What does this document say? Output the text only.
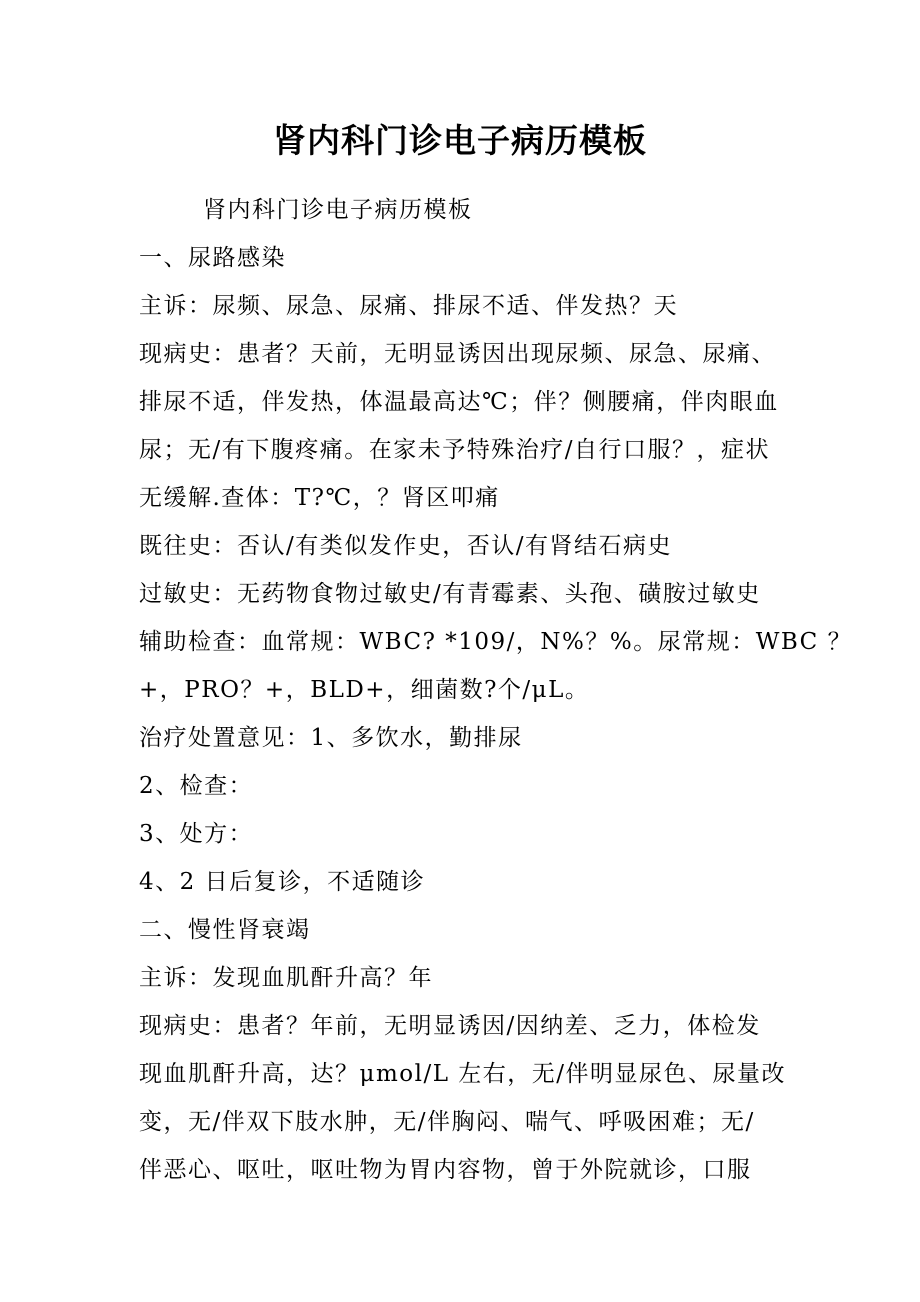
肾内科门诊电子病历模板
肾内科门诊电子病历模板
一、尿路感染
主诉：尿频、尿急、尿痛、排尿不适、伴发热？天
现病史：患者？天前，无明显诱因出现尿频、尿急、尿痛、
排尿不适，伴发热，体温最高达℃；伴？侧腰痛，伴肉眼血
尿；无/有下腹疼痛。在家未予特殊治疗/自行口服？，症状
无缓解.查体：T?℃，？肾区叩痛
既往史：否认/有类似发作史，否认/有肾结石病史
过敏史：无药物食物过敏史/有青霉素、头孢、磺胺过敏史
辅助检查：血常规：WBC? *109/，N%？%。尿常规：WBC ？
+，PRO？+，BLD+，细菌数?个/μL。
治疗处置意见：1、多饮水，勤排尿
2、检查：
3、处方：
4、2 日后复诊，不适随诊
二、慢性肾衰竭
主诉：发现血肌酐升高？年
现病史：患者？年前，无明显诱因/因纳差、乏力，体检发
现血肌酐升高，达？μmol/L 左右，无/伴明显尿色、尿量改
变，无/伴双下肢水肿，无/伴胸闷、喘气、呼吸困难；无/
伴恶心、呕吐，呕吐物为胃内容物，曾于外院就诊，口服
